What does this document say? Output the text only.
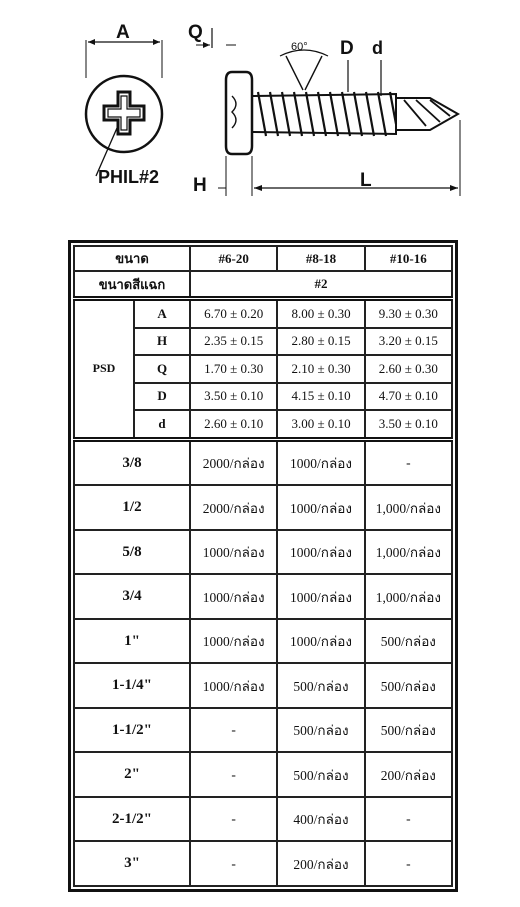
A	Q
60° D d
PHIL#2 H	L
ขนาด		#6-20	#8-18	#10-16
ขนาดสีแฉก		#2		
PSD	A	6.70 ± 0.20	8.00 ± 0.30	9.30 ± 0.30
	H	2.35 ± 0.15	2.80 ± 0.15	3.20 ± 0.15
	Q	1.70 ± 0.30	2.10 ± 0.30	2.60 ± 0.30
	D	3.50 ± 0.10	4.15 ± 0.10	4.70 ± 0.10
	d	2.60 ± 0.10	3.00 ± 0.10	3.50 ± 0.10
3/8		2000/กล่อง	1000/กล่อง	-
1/2		2000/กล่อง	1000/กล่อง	1,000/กล่อง
5/8		1000/กล่อง	1000/กล่อง	1,000/กล่อง
3/4		1000/กล่อง	1000/กล่อง	1,000/กล่อง
1"		1000/กล่อง	1000/กล่อง	500/กล่อง
1-1/4"		1000/กล่อง	500/กล่อง	500/กล่อง
1-1/2"		-	500/กล่อง	500/กล่อง
2"		-	500/กล่อง	200/กล่อง
2-1/2"		-	400/กล่อง	-
3"		-	200/กล่อง	-
